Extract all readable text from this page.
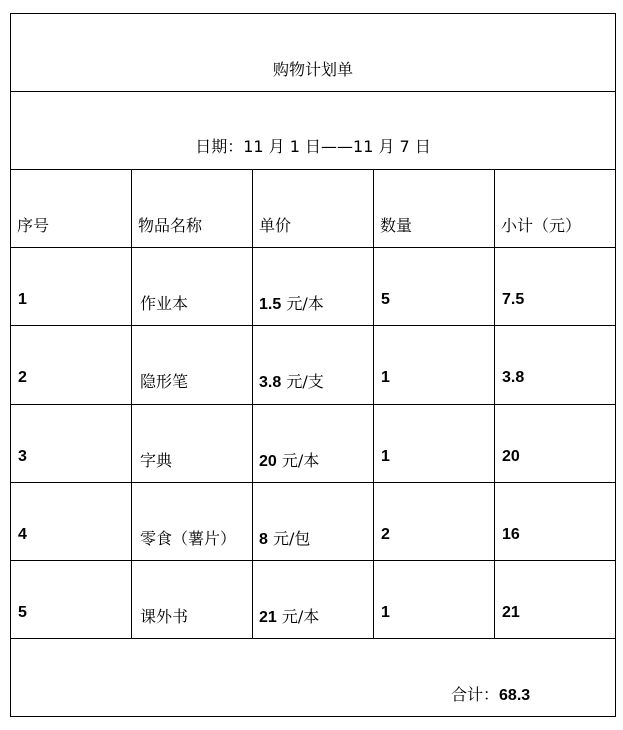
购物计划单				

日期：11 月 1 日——11 月 7 日				

序号	物品名称	单价	数量	小计（元）

1	作业本	1.5 元/本	5	7.5

2	隐形笔	3.8 元/支	1	3.8

3	字典	20 元/本	1	20

4	零食（薯片）	8 元/包	2	16

5	课外书	21 元/本	1	21

合计：68.3				
